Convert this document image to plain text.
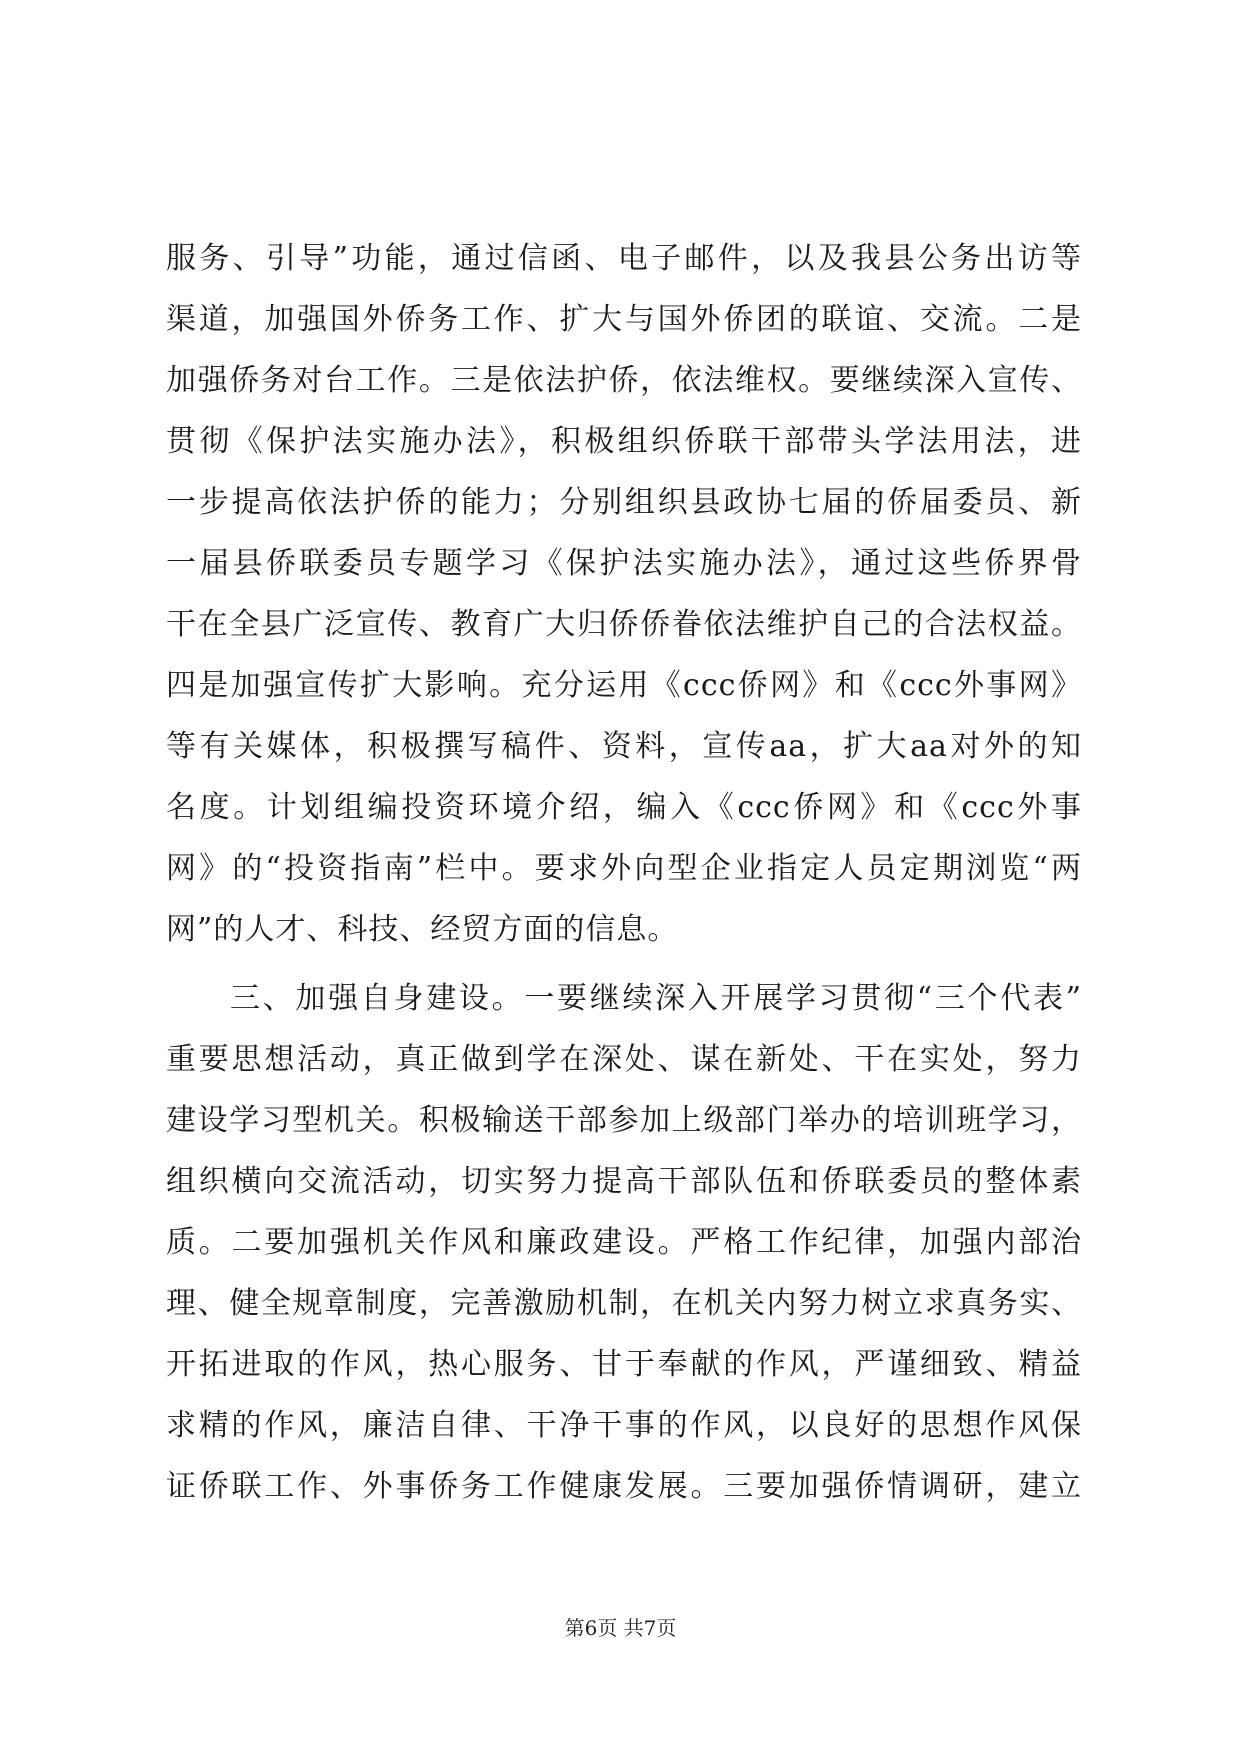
服务、引导”功能，通过信函、电子邮件，以及我县公务出访等
渠道，加强国外侨务工作、扩大与国外侨团的联谊、交流。二是
加强侨务对台工作。三是依法护侨，依法维权。要继续深入宣传、
贯彻《保护法实施办法》，积极组织侨联干部带头学法用法，进
一步提高依法护侨的能力；分别组织县政协七届的侨届委员、新
一届县侨联委员专题学习《保护法实施办法》，通过这些侨界骨
干在全县广泛宣传、教育广大归侨侨眷依法维护自己的合法权益。
四是加强宣传扩大影响。充分运用《ccc侨网》和《ccc外事网》
等有关媒体，积极撰写稿件、资料，宣传aa，扩大aa对外的知
名度。计划组编投资环境介绍，编入《ccc侨网》和《ccc外事
网》的“投资指南”栏中。要求外向型企业指定人员定期浏览“两
网”的人才、科技、经贸方面的信息。
三、加强自身建设。一要继续深入开展学习贯彻“三个代表”
重要思想活动，真正做到学在深处、谋在新处、干在实处，努力
建设学习型机关。积极输送干部参加上级部门举办的培训班学习，
组织横向交流活动，切实努力提高干部队伍和侨联委员的整体素
质。二要加强机关作风和廉政建设。严格工作纪律，加强内部治
理、健全规章制度，完善激励机制，在机关内努力树立求真务实、
开拓进取的作风，热心服务、甘于奉献的作风，严谨细致、精益
求精的作风，廉洁自律、干净干事的作风，以良好的思想作风保
证侨联工作、外事侨务工作健康发展。三要加强侨情调研，建立
第6页 共7页
